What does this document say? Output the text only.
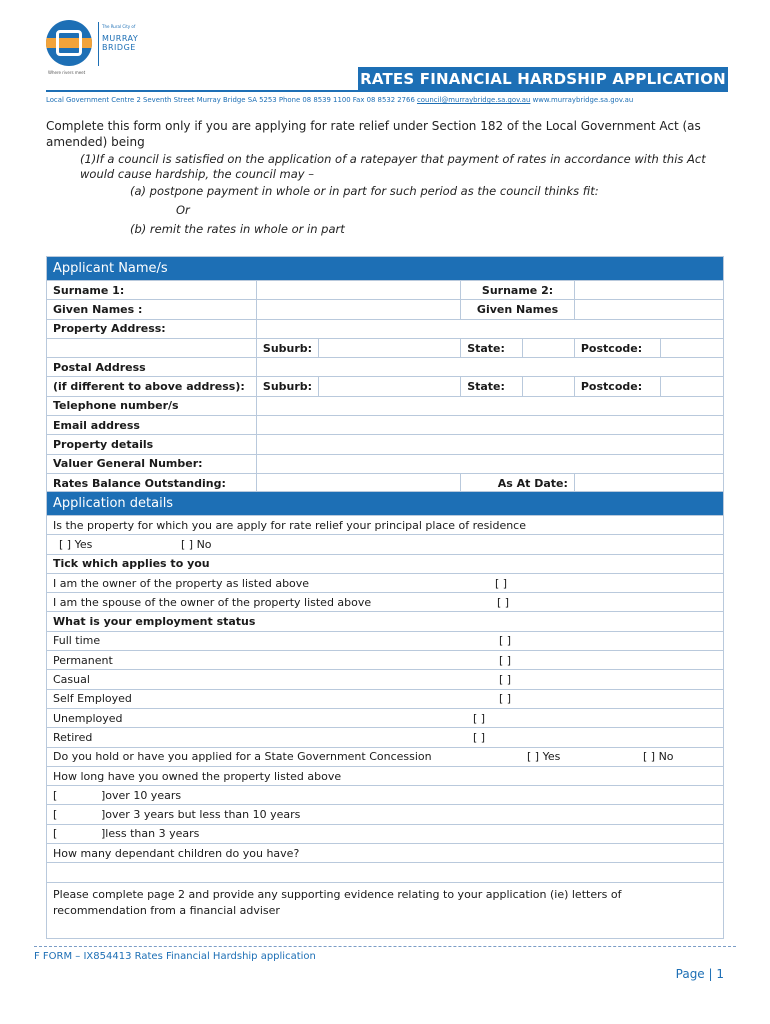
The Rural City of
MURRAY
BRIDGE
Where rivers meet	RATES FINANCIAL HARDSHIP APPLICATION
Local Government Centre 2 Seventh Street Murray Bridge SA 5253 Phone 08 8539 1100 Fax 08 8532 2766 council@murraybridge.sa.gov.au www.murraybridge.sa.gov.au

Complete this form only if you are applying for rate relief under Section 182 of the Local Government Act (as amended) being

(1)If a council is satisfied on the application of a ratepayer that payment of rates in accordance with this Act would cause hardship, the council may –

(a) postpone payment in whole or in part for such period as the council thinks fit:

Or

(b) remit the rates in whole or in part

Applicant Name/s						
Surname 1:			Surname 2:			
Given Names :			Given Names			
Property Address:						
	Suburb:		State:		Postcode:	
Postal Address						
(if different to above address):	Suburb:		State:		Postcode:	
Telephone number/s						
Email address						
Property details						
Valuer General Number:						
Rates Balance Outstanding:			As At Date:			
Application details
Is the property for which you are apply for rate relief your principal place of residence
[ ] Yes	[ ] No
Tick which applies to you
I am the owner of the property as listed above	[ ]
I am the spouse of the owner of the property listed above	[ ]
What is your employment status
Full time	[ ]
Permanent	[ ]
Casual	[ ]
Self Employed	[ ]
Unemployed	[ ]
Retired	[ ]
Do you hold or have you applied for a State Government Concession	[ ] Yes	[ ] No
How long have you owned the property listed above
[	]over 10 years
[	]over 3 years but less than 10 years
[	]less than 3 years
How many dependant children do you have?

Please complete page 2 and provide any supporting evidence relating to your application (ie) letters of recommendation from a financial adviser
F FORM – IX854413 Rates Financial Hardship application
Page | 1
